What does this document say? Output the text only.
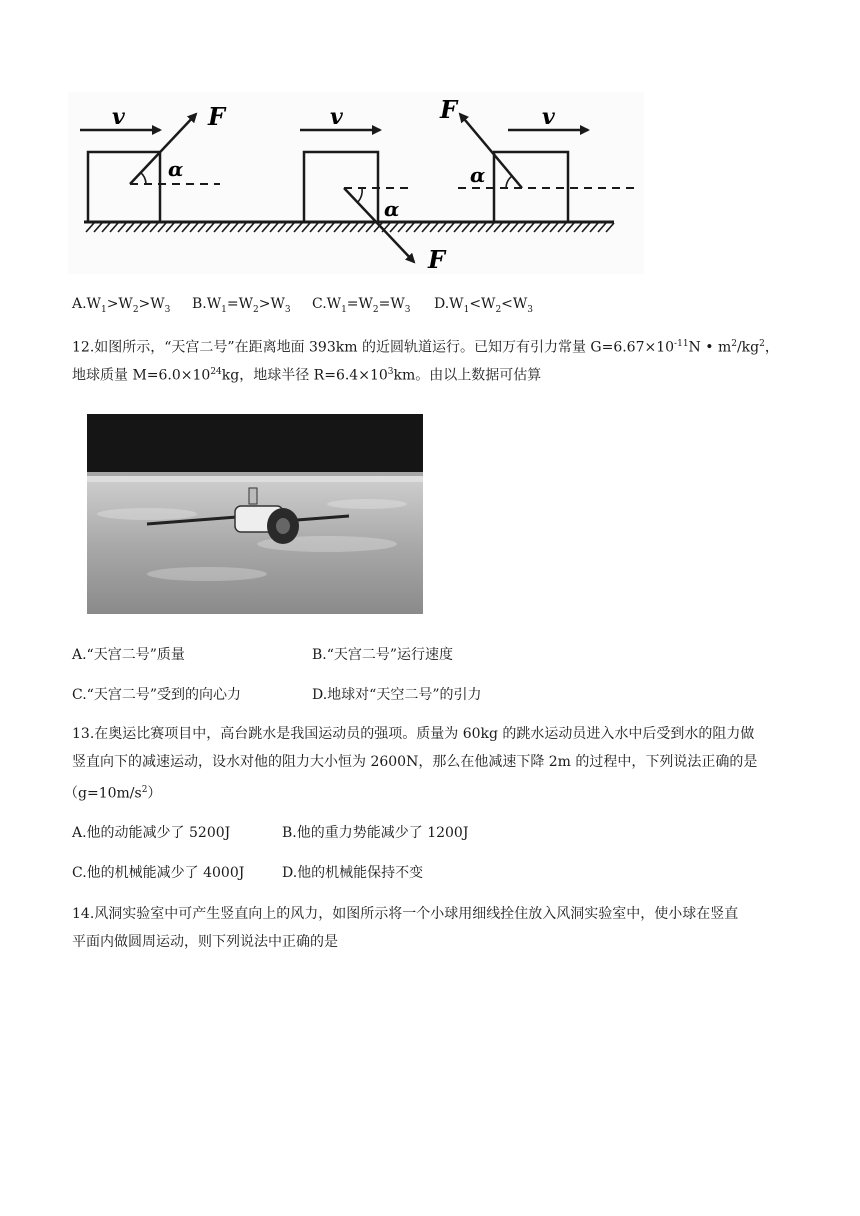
v	F
α
v
F
α
v
F
α
$A.W_1>W_2>W_3$ $B.W_1=W_2>W_3$ $C.W_1=W_2=W_3$ $D.W_1<W_2<W_3$
12.如图所示，“天宫二号”在距离地面 393km 的近圆轨道运行。已知万有引力常量 $G=6.67\times 10^{-11}N$ • $m^2/kg^2$，
地球质量 $M=6.0\times 10^{24}kg$，地球半径 $R=6.4\times 10^3km$。由以上数据可估算
A.“天宫二号”质量	B.“天宫二号”运行速度
C.“天宫二号”受到的向心力	D.地球对“天空二号”的引力
13.在奥运比赛项目中，高台跳水是我国运动员的强项。质量为 60kg 的跳水运动员进入水中后受到水的阻力做
竖直向下的减速运动，设水对他的阻力大小恒为 2600N，那么在他减速下降 2m 的过程中，下列说法正确的是
$(g=10m/s^2)$
A.他的动能减少了 5200J	B.他的重力势能减少了 1200J
C.他的机械能减少了 4000J	D.他的机械能保持不变
14.风洞实验室中可产生竖直向上的风力，如图所示将一个小球用细线拴住放入风洞实验室中，使小球在竖直
平面内做圆周运动，则下列说法中正确的是
